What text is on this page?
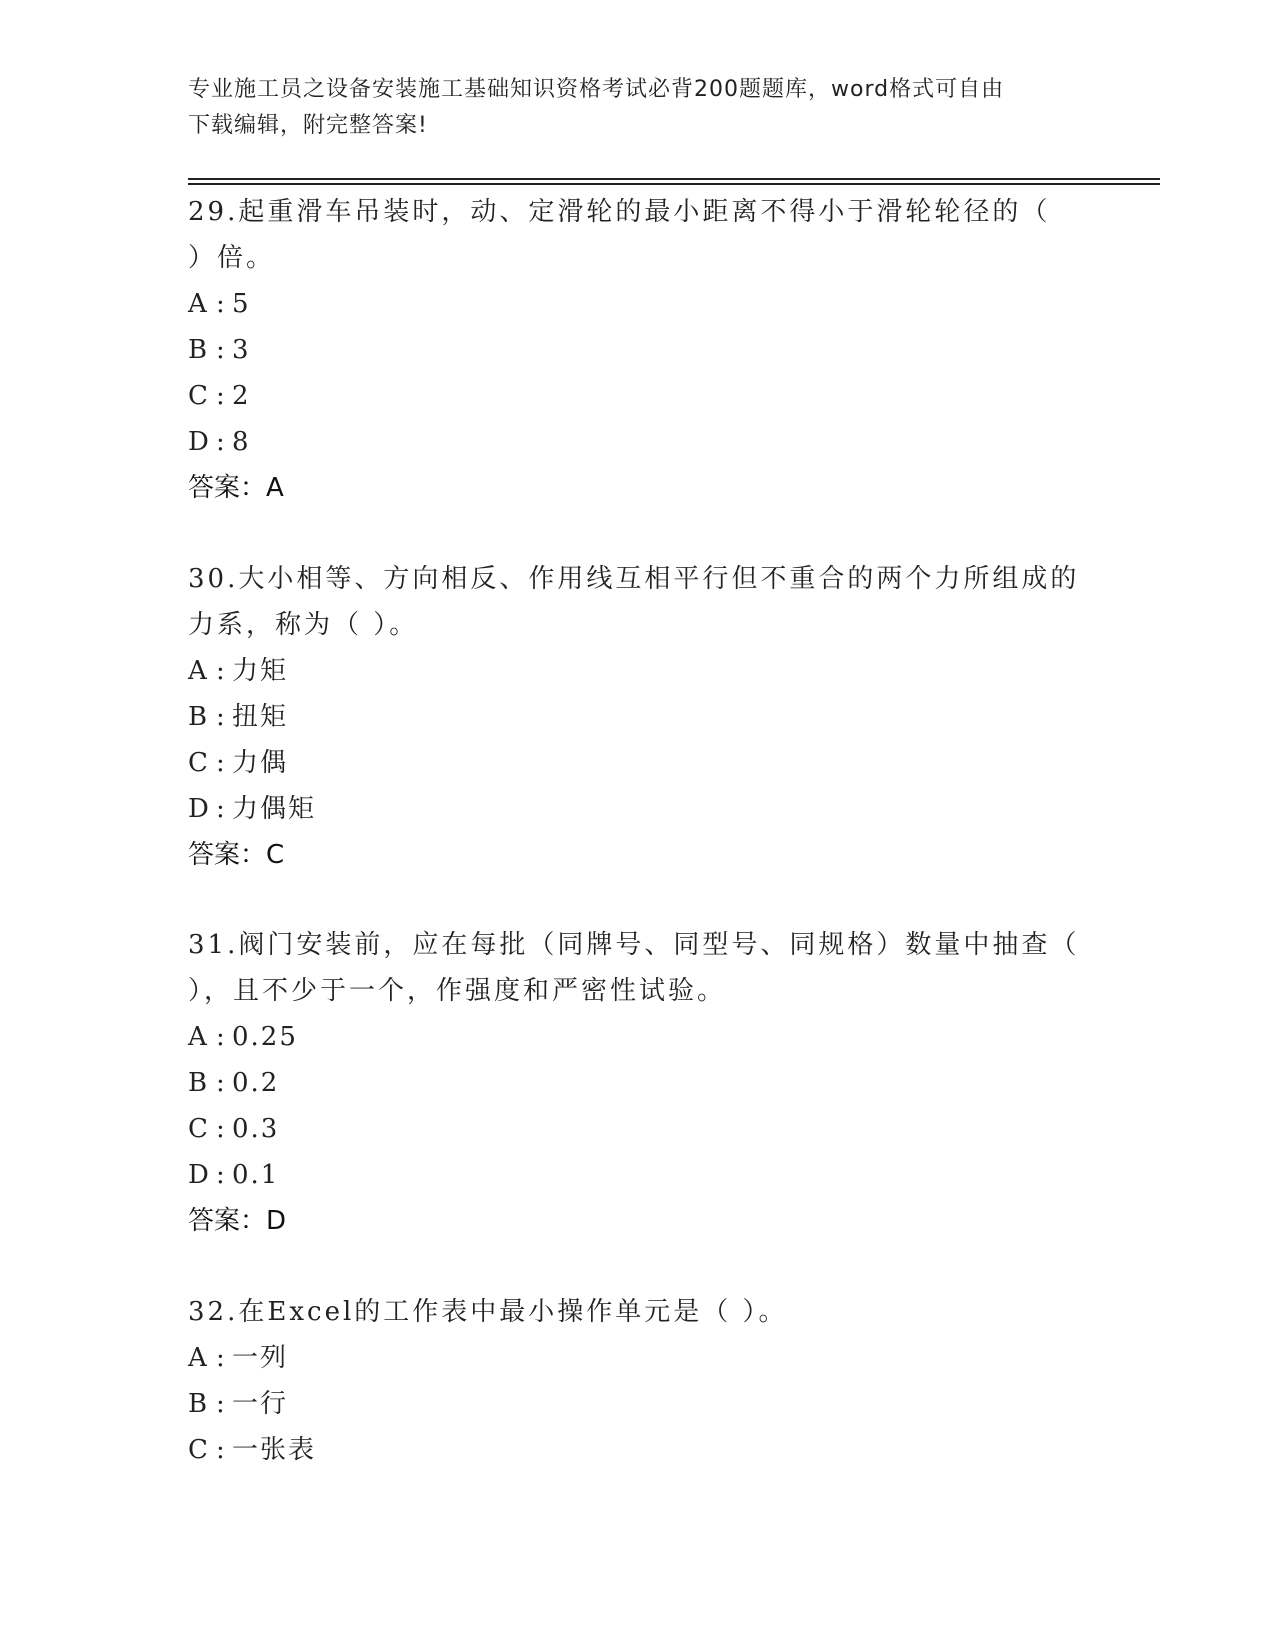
专业施工员之设备安装施工基础知识资格考试必背200题题库，word格式可自由
下载编辑，附完整答案!

29.起重滑车吊装时，动、定滑轮的最小距离不得小于滑轮轮径的（

）倍。

A : 5

B : 3

C : 2

D : 8

答案：A

30.大小相等、方向相反、作用线互相平行但不重合的两个力所组成的

力系，称为（ ）。

A : 力矩

B : 扭矩

C : 力偶

D : 力偶矩

答案：C

31.阀门安装前，应在每批（同牌号、同型号、同规格）数量中抽查（

），且不少于一个，作强度和严密性试验。

A : 0.25

B : 0.2

C : 0.3

D : 0.1

答案：D

32.在Excel的工作表中最小操作单元是（ ）。

A : 一列

B : 一行

C : 一张表
